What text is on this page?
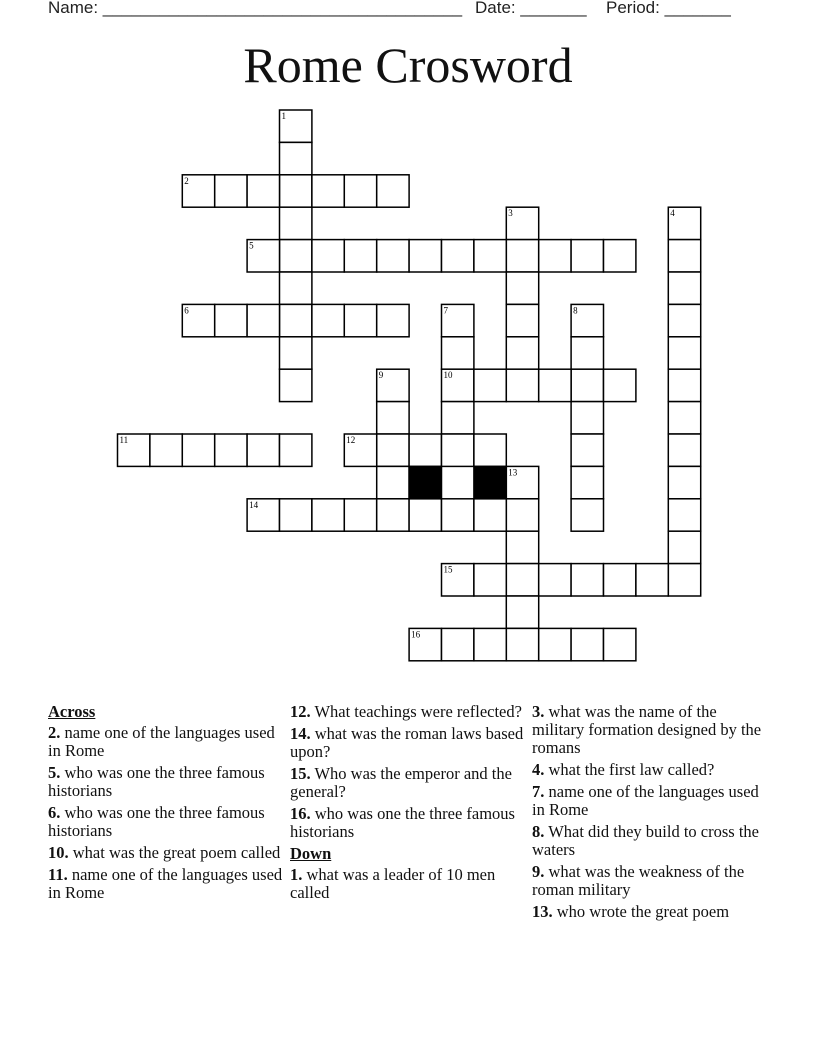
Name: ______________________________________ Date: _______ Period: _______
Rome Crosword
1
2
3	4
5
6	7	8
9	10
11	12
13
14
15
16
Across
2. name one of the languages used in Rome
5. who was one the three famous historians
6. who was one the three famous historians
10. what was the great poem called
11. name one of the languages used in Rome
12. What teachings were reflected?
14. what was the roman laws based upon?
15. Who was the emperor and the general?
16. who was one the three famous historians
Down
1. what was a leader of 10 men called
3. what was the name of the military formation designed by the romans
4. what the first law called?
7. name one of the languages used in Rome
8. What did they build to cross the waters
9. what was the weakness of the roman military
13. who wrote the great poem
